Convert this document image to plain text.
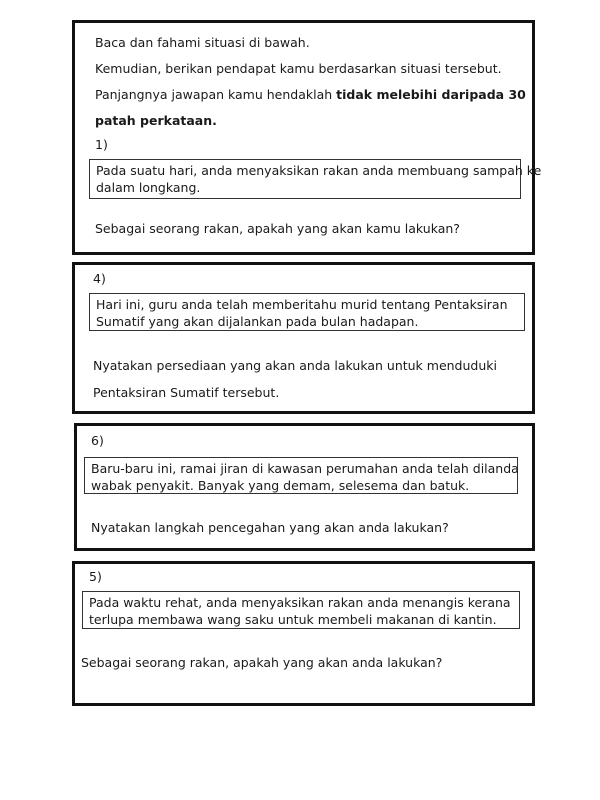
Baca dan fahami situasi di bawah.
Kemudian, berikan pendapat kamu berdasarkan situasi tersebut.
Panjangnya jawapan kamu hendaklah tidak melebihi daripada 30
patah perkataan.
1)
Pada suatu hari, anda menyaksikan rakan anda membuang sampah ke
dalam longkang.
Sebagai seorang rakan, apakah yang akan kamu lakukan?
4)
Hari ini, guru anda telah memberitahu murid tentang Pentaksiran
Sumatif yang akan dijalankan pada bulan hadapan.
Nyatakan persediaan yang akan anda lakukan untuk menduduki
Pentaksiran Sumatif tersebut.
6)
Baru-baru ini, ramai jiran di kawasan perumahan anda telah dilanda
wabak penyakit. Banyak yang demam, selesema dan batuk.
Nyatakan langkah pencegahan yang akan anda lakukan?
5)
Pada waktu rehat, anda menyaksikan rakan anda menangis kerana
terlupa membawa wang saku untuk membeli makanan di kantin.
Sebagai seorang rakan, apakah yang akan anda lakukan?
